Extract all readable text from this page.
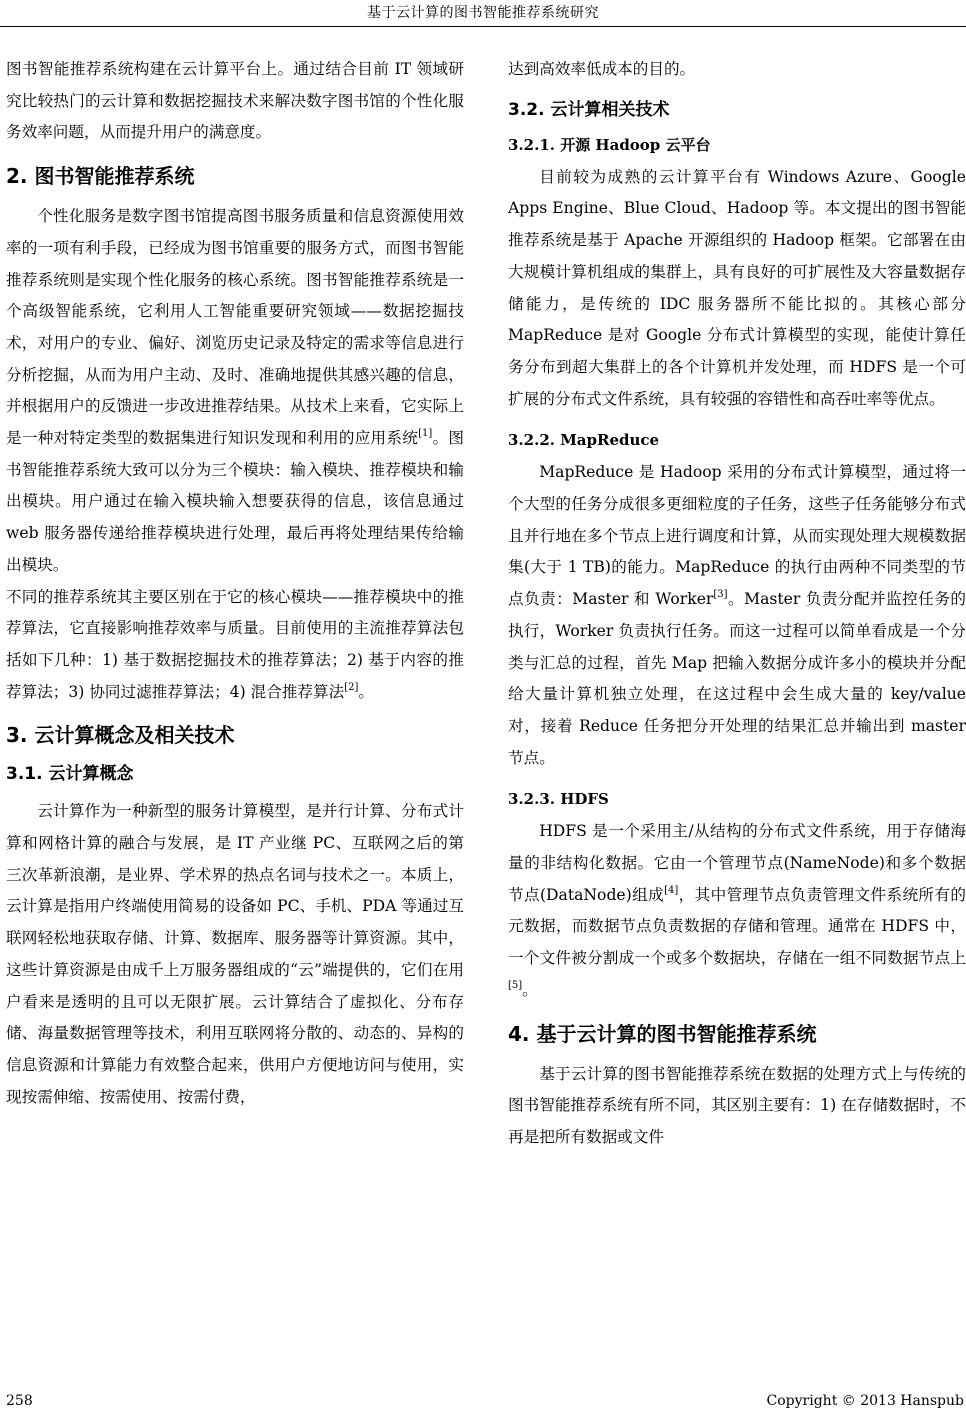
基于云计算的图书智能推荐系统研究

图书智能推荐系统构建在云计算平台上。通过结合目前 IT 领域研究比较热门的云计算和数据挖掘技术来解决数字图书馆的个性化服务效率问题，从而提升用户的满意度。

2. 图书智能推荐系统

个性化服务是数字图书馆提高图书服务质量和信息资源使用效率的一项有利手段，已经成为图书馆重要的服务方式，而图书智能推荐系统则是实现个性化服务的核心系统。图书智能推荐系统是一个高级智能系统，它利用人工智能重要研究领域——数据挖掘技术，对用户的专业、偏好、浏览历史记录及特定的需求等信息进行分析挖掘，从而为用户主动、及时、准确地提供其感兴趣的信息，并根据用户的反馈进一步改进推荐结果。从技术上来看，它实际上是一种对特定类型的数据集进行知识发现和利用的应用系统[1]。图书智能推荐系统大致可以分为三个模块：输入模块、推荐模块和输出模块。用户通过在输入模块输入想要获得的信息，该信息通过 web 服务器传递给推荐模块进行处理，最后再将处理结果传给输出模块。

不同的推荐系统其主要区别在于它的核心模块——推荐模块中的推荐算法，它直接影响推荐效率与质量。目前使用的主流推荐算法包括如下几种：1) 基于数据挖掘技术的推荐算法；2) 基于内容的推荐算法；3) 协同过滤推荐算法；4) 混合推荐算法[2]。

3. 云计算概念及相关技术
3.1. 云计算概念

云计算作为一种新型的服务计算模型，是并行计算、分布式计算和网格计算的融合与发展，是 IT 产业继 PC、互联网之后的第三次革新浪潮，是业界、学术界的热点名词与技术之一。本质上，云计算是指用户终端使用简易的设备如 PC、手机、PDA 等通过互联网轻松地获取存储、计算、数据库、服务器等计算资源。其中，这些计算资源是由成千上万服务器组成的“云”端提供的，它们在用户看来是透明的且可以无限扩展。云计算结合了虚拟化、分布存储、海量数据管理等技术，利用互联网将分散的、动态的、异构的信息资源和计算能力有效整合起来，供用户方便地访问与使用，实现按需伸缩、按需使用、按需付费，

达到高效率低成本的目的。

3.2. 云计算相关技术
3.2.1. 开源 Hadoop 云平台

目前较为成熟的云计算平台有 Windows Azure、Google Apps Engine、Blue Cloud、Hadoop 等。本文提出的图书智能推荐系统是基于 Apache 开源组织的 Hadoop 框架。它部署在由大规模计算机组成的集群上，具有良好的可扩展性及大容量数据存储能力，是传统的 IDC 服务器所不能比拟的。其核心部分 MapReduce 是对 Google 分布式计算模型的实现，能使计算任务分布到超大集群上的各个计算机并发处理，而 HDFS 是一个可扩展的分布式文件系统，具有较强的容错性和高吞吐率等优点。

3.2.2. MapReduce

MapReduce 是 Hadoop 采用的分布式计算模型，通过将一个大型的任务分成很多更细粒度的子任务，这些子任务能够分布式且并行地在多个节点上进行调度和计算，从而实现处理大规模数据集(大于 1 TB)的能力。MapReduce 的执行由两种不同类型的节点负责：Master 和 Worker[3]。Master 负责分配并监控任务的执行，Worker 负责执行任务。而这一过程可以简单看成是一个分类与汇总的过程，首先 Map 把输入数据分成许多小的模块并分配给大量计算机独立处理，在这过程中会生成大量的 key/value 对，接着 Reduce 任务把分开处理的结果汇总并输出到 master 节点。

3.2.3. HDFS

HDFS 是一个采用主/从结构的分布式文件系统，用于存储海量的非结构化数据。它由一个管理节点(NameNode)和多个数据节点(DataNode)组成[4]，其中管理节点负责管理文件系统所有的元数据，而数据节点负责数据的存储和管理。通常在 HDFS 中，一个文件被分割成一个或多个数据块，存储在一组不同数据节点上[5]。

4. 基于云计算的图书智能推荐系统

基于云计算的图书智能推荐系统在数据的处理方式上与传统的图书智能推荐系统有所不同，其区别主要有：1) 在存储数据时，不再是把所有数据或文件

258	Copyright © 2013 Hanspub
